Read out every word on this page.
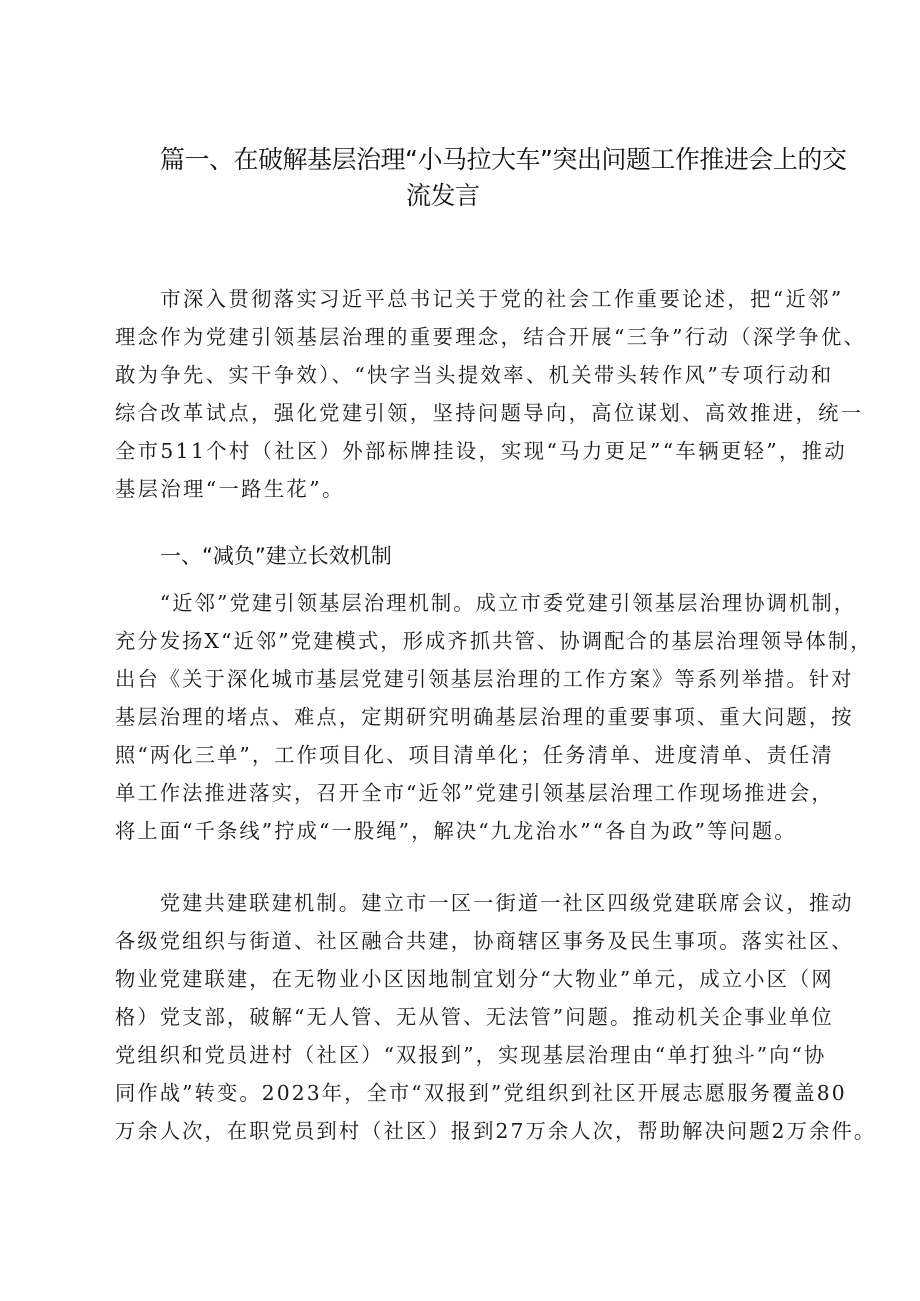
篇一、在破解基层治理“小马拉大车”突出问题工作推进会上的交
流发言
　　市深入贯彻落实习近平总书记关于党的社会工作重要论述，把“近邻”
理念作为党建引领基层治理的重要理念，结合开展“三争”行动（深学争优、
敢为争先、实干争效）、“快字当头提效率、机关带头转作风”专项行动和
综合改革试点，强化党建引领，坚持问题导向，高位谋划、高效推进，统一
全市511个村（社区）外部标牌挂设，实现“马力更足”“车辆更轻”，推动
基层治理“一路生花”。
一、“减负”建立长效机制
　　“近邻”党建引领基层治理机制。成立市委党建引领基层治理协调机制，
充分发扬X“近邻”党建模式，形成齐抓共管、协调配合的基层治理领导体制，
出台《关于深化城市基层党建引领基层治理的工作方案》等系列举措。针对
基层治理的堵点、难点，定期研究明确基层治理的重要事项、重大问题，按
照“两化三单”，工作项目化、项目清单化；任务清单、进度清单、责任清
单工作法推进落实，召开全市“近邻”党建引领基层治理工作现场推进会，
将上面“千条线”拧成“一股绳”，解决“九龙治水”“各自为政”等问题。
　　党建共建联建机制。建立市一区一街道一社区四级党建联席会议，推动
各级党组织与街道、社区融合共建，协商辖区事务及民生事项。落实社区、
物业党建联建，在无物业小区因地制宜划分“大物业”单元，成立小区（网
格）党支部，破解“无人管、无从管、无法管”问题。推动机关企事业单位
党组织和党员进村（社区）“双报到”，实现基层治理由“单打独斗”向“协
同作战”转变。2023年，全市“双报到”党组织到社区开展志愿服务覆盖80
万余人次，在职党员到村（社区）报到27万余人次，帮助解决问题2万余件。
